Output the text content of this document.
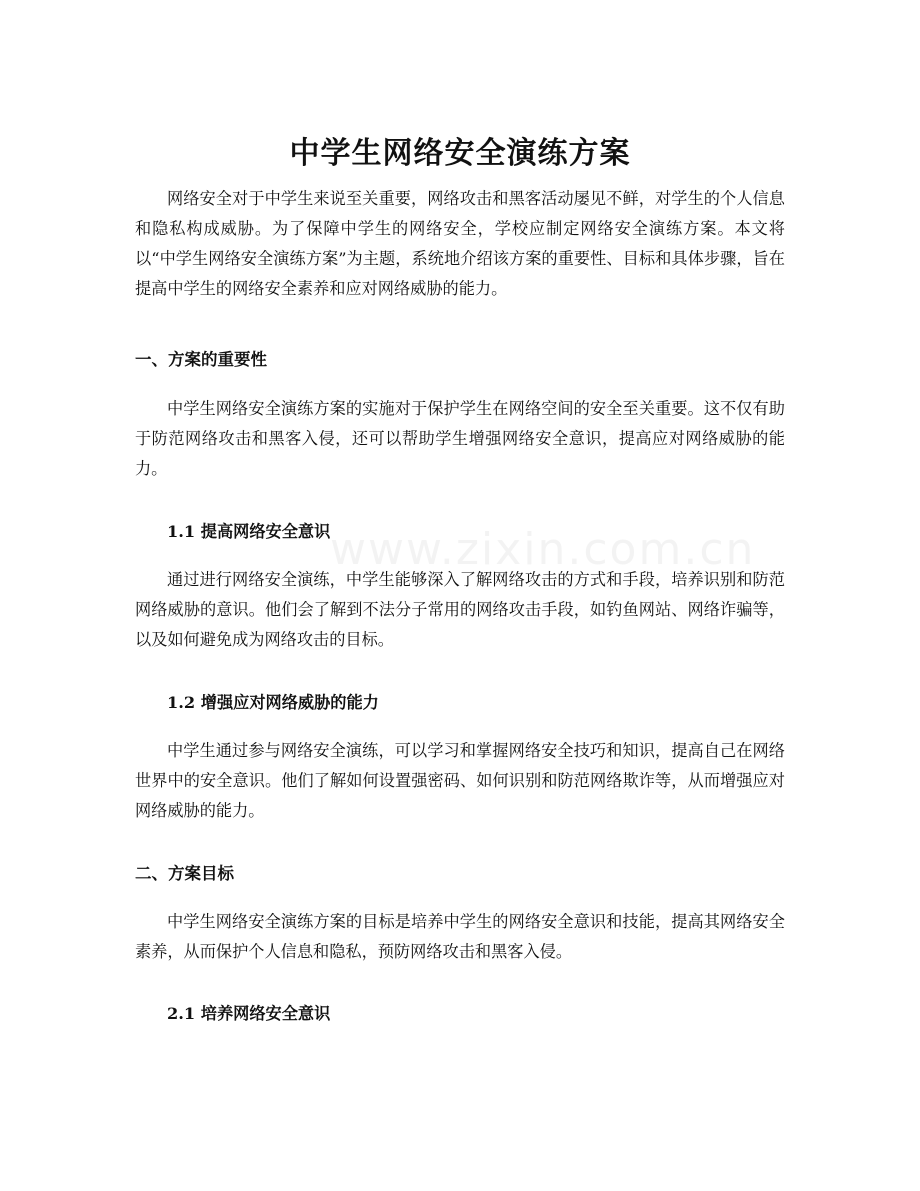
www.zixin.com.cn
中学生网络安全演练方案

网络安全对于中学生来说至关重要，网络攻击和黑客活动屡见不鲜，对学生的个人信息和隐私构成威胁。为了保障中学生的网络安全，学校应制定网络安全演练方案。本文将以“中学生网络安全演练方案”为主题，系统地介绍该方案的重要性、目标和具体步骤，旨在提高中学生的网络安全素养和应对网络威胁的能力。

一、方案的重要性

中学生网络安全演练方案的实施对于保护学生在网络空间的安全至关重要。这不仅有助于防范网络攻击和黑客入侵，还可以帮助学生增强网络安全意识，提高应对网络威胁的能力。

1.1 提高网络安全意识

通过进行网络安全演练，中学生能够深入了解网络攻击的方式和手段，培养识别和防范网络威胁的意识。他们会了解到不法分子常用的网络攻击手段，如钓鱼网站、网络诈骗等，以及如何避免成为网络攻击的目标。

1.2 增强应对网络威胁的能力

中学生通过参与网络安全演练，可以学习和掌握网络安全技巧和知识，提高自己在网络世界中的安全意识。他们了解如何设置强密码、如何识别和防范网络欺诈等，从而增强应对网络威胁的能力。

二、方案目标

中学生网络安全演练方案的目标是培养中学生的网络安全意识和技能，提高其网络安全素养，从而保护个人信息和隐私，预防网络攻击和黑客入侵。

2.1 培养网络安全意识
